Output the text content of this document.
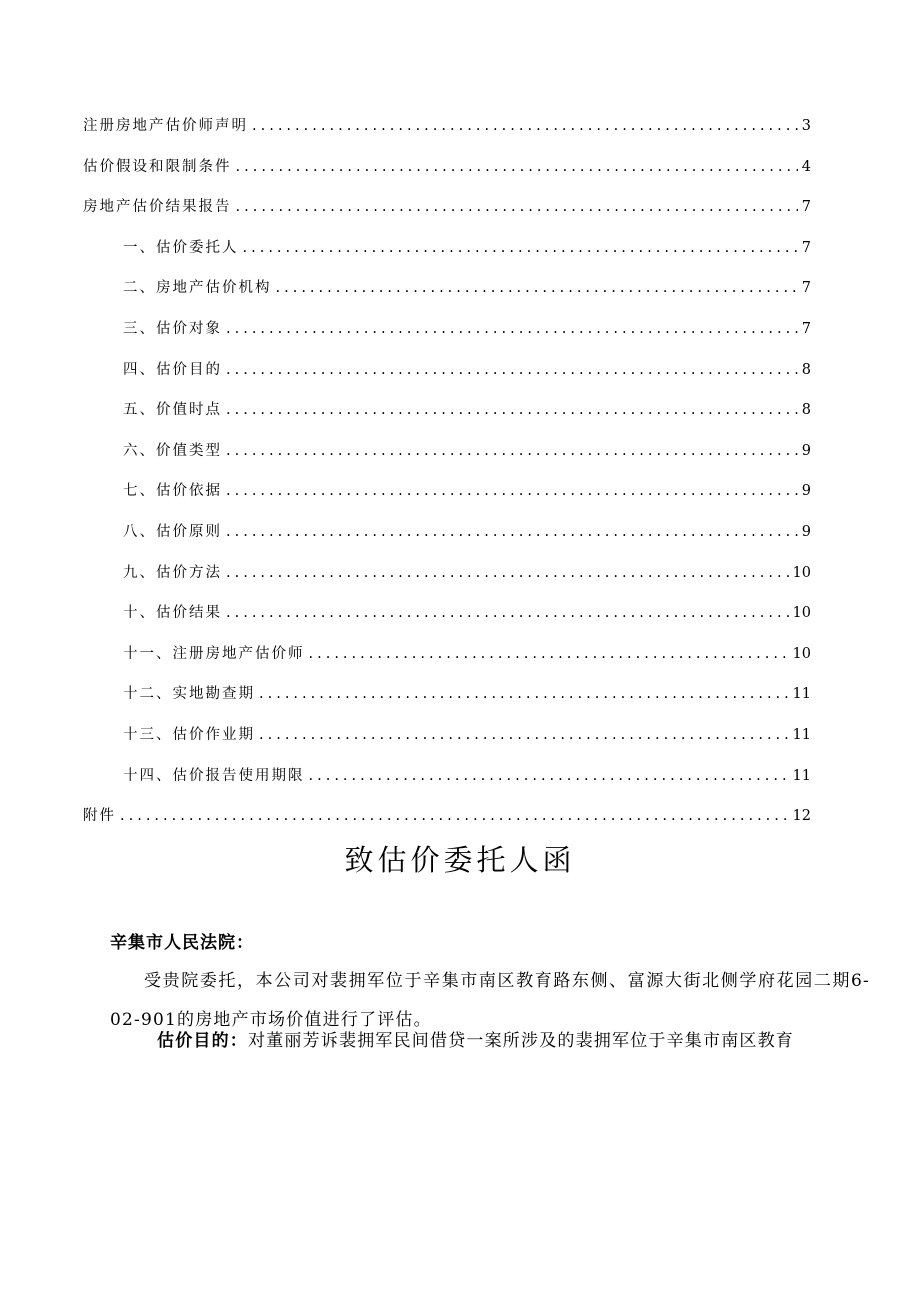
注册房地产估价师声明 .....	3
估价假设和限制条件 .....	4
房地产估价结果报告 .....	7
一、估价委托人 .....	7
二、房地产估价机构 .....	7
三、估价对象 .....	7
四、估价目的 .....	8
五、价值时点 .....	8
六、价值类型 .....	9
七、估价依据 .....	9
八、估价原则 .....	9
九、估价方法 .....	10
十、估价结果 .....	10
十一、注册房地产估价师 .....	10
十二、实地勘查期 .....	11
十三、估价作业期 .....	11
十四、估价报告使用期限 .....	11
附件 .....	12
致估价委托人函
辛集市人民法院：
受贵院委托，本公司对裴拥军位于辛集市南区教育路东侧、富源大街北侧学府花园二期6-02-901的房地产市场价值进行了评估。
估价目的：对董丽芳诉裴拥军民间借贷一案所涉及的裴拥军位于辛集市南区教育
